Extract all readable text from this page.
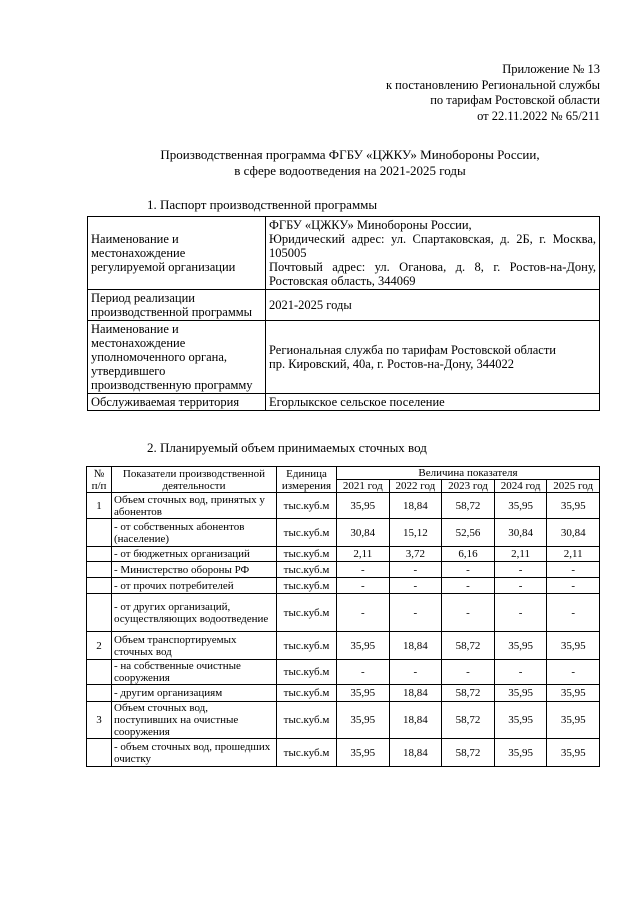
Приложение № 13
к постановлению Региональной службы
по тарифам Ростовской области
от 22.11.2022 № 65/211
Производственная программа ФГБУ «ЦЖКУ» Минобороны России,
в сфере водоотведения на 2021-2025 годы
1. Паспорт производственной программы
Наименование и местонахождение регулируемой организации	ФГБУ «ЦЖКУ» Минобороны России,
Юридический адрес: ул. Спартаковская, д. 2Б, г. Москва, 105005
Почтовый адрес: ул. Оганова, д. 8, г. Ростов-на-Дону, Ростовская область, 344069

Период реализации производственной программы	2021-2025 годы

Наименование и местонахождение уполномоченного органа, утвердившего производственную программу	Региональная служба по тарифам Ростовской области
пр. Кировский, 40а, г. Ростов-на-Дону, 344022

Обслуживаемая территория	Егорлыкское сельское поселение
2. Планируемый объем принимаемых сточных вод
№ п/п	Показатели производственной деятельности	Единица измерения	Величина показателя				
			2021 год	2022 год	2023 год	2024 год	2025 год
1	Объем сточных вод, принятых у абонентов	тыс.куб.м	35,95	18,84	58,72	35,95	35,95
	- от собственных абонентов (население)	тыс.куб.м	30,84	15,12	52,56	30,84	30,84
	- от бюджетных организаций	тыс.куб.м	2,11	3,72	6,16	2,11	2,11
	- Министерство обороны РФ	тыс.куб.м	-	-	-	-	-
	- от прочих потребителей	тыс.куб.м	-	-	-	-	-
	- от других организаций, осуществляющих водоотведение	тыс.куб.м	-	-	-	-	-
2	Объем транспортируемых сточных вод	тыс.куб.м	35,95	18,84	58,72	35,95	35,95
	- на собственные очистные сооружения	тыс.куб.м	-	-	-	-	-
	- другим организациям	тыс.куб.м	35,95	18,84	58,72	35,95	35,95
3	Объем сточных вод, поступивших на очистные сооружения	тыс.куб.м	35,95	18,84	58,72	35,95	35,95
	- объем сточных вод, прошедших очистку	тыс.куб.м	35,95	18,84	58,72	35,95	35,95
